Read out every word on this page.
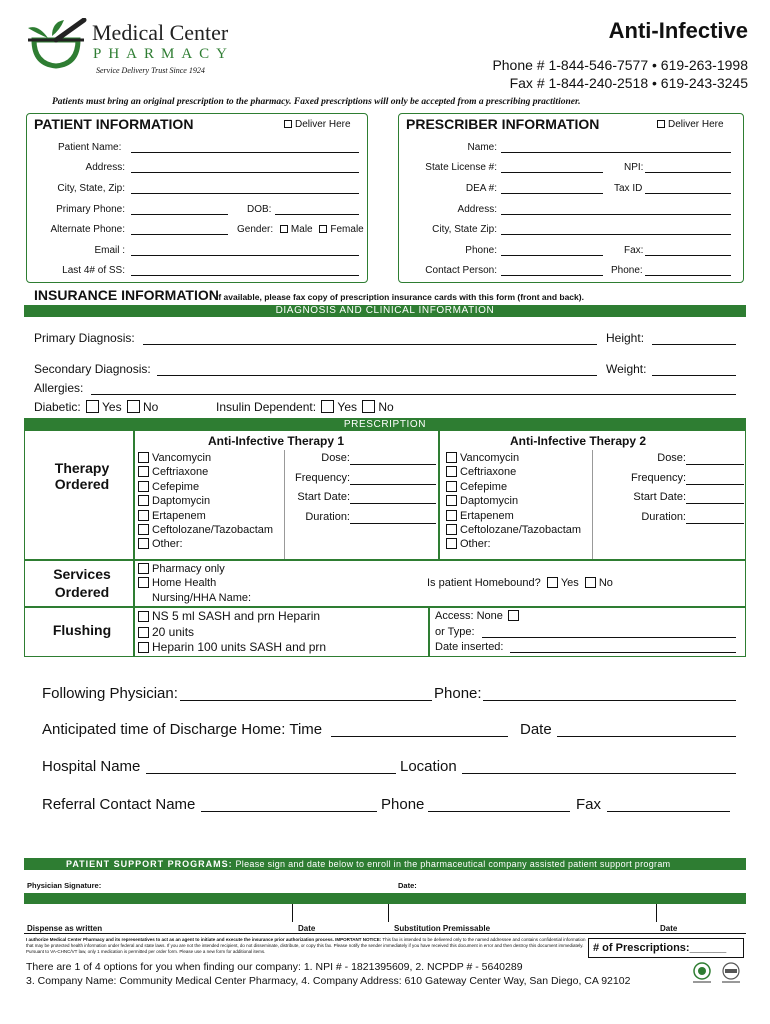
Medical Center
PHARMACY
Service Delivery Trust Since 1924
Anti-Infective
Phone # 1-844-546-7577 • 619-263-1998
Fax # 1-844-240-2518 • 619-243-3245
Patients must bring an original prescription to the pharmacy. Faxed prescriptions will only be accepted from a prescribing practitioner.
PATIENT INFORMATION	Deliver Here
Patient Name:
Address:
City, State, Zip:
Primary Phone:	DOB:
Alternate Phone:	Gender: Male Female
Email :
Last 4# of SS:
PRESCRIBER INFORMATION	Deliver Here
Name:
State License #:	NPI:
DEA #:	Tax ID
Address:
City, State Zip:
Phone:	Fax:
Contact Person:	Phone:
INSURANCE INFORMATION
If available, please fax copy of prescription insurance cards with this form (front and back).
DIAGNOSIS AND CLINICAL INFORMATION
Primary Diagnosis:	Height:
Secondary Diagnosis:	Weight:
Allergies:
Diabetic: Yes No	Insulin Dependent: Yes No
PRESCRIPTION
Therapy
Ordered
Anti-Infective Therapy 1	Anti-Infective Therapy 2
Vancomycin
Ceftriaxone
Cefepime
Daptomycin
Ertapenem
Ceftolozane/Tazobactam
Other:
Dose:
Frequency:
Start Date:
Duration:
Vancomycin
Ceftriaxone
Cefepime
Daptomycin
Ertapenem
Ceftolozane/Tazobactam
Other:
Dose:
Frequency:
Start Date:
Duration:
Services
Ordered
Pharmacy only
Home Health
Nursing/HHA Name:
Is patient Homebound? Yes No
Flushing
NS 5 ml SASH and prn Heparin
20 units
Heparin 100 units SASH and prn
Access: None
or Type:
Date inserted:
Following Physician:	Phone:
Anticipated time of Discharge Home: Time	Date
Hospital Name	Location
Referral Contact Name	Phone	Fax
PATIENT SUPPORT PROGRAMS: Please sign and date below to enroll in the pharmaceutical company assisted patient support program
Physician Signature:	Date:
Dispense as written	Date	Substitution Premissable	Date
I authorize Medical Center Pharmacy and its representatives to act as an agent to initiate and execute the insurance prior authorization process. IMPORTANT NOTICE: This fax is intended to be delivered only to the named addressee and contains confidential information that may be protected health information under federal and state laws. If you are not the intended recipient, do not disseminate, distribute, or copy this fax. Please notify the sender immediately if you have received this document in error and then destroy this document immediately. Pursuant to VA-CHNC/VT law, only 1 medication is permitted per order form. Please use a new form for additional items.	# of Prescriptions:______
There are 1 of 4 options for you when finding our company: 1. NPI # - 1821395609, 2. NCPDP # - 5640289
3. Company Name: Community Medical Center Pharmacy, 4. Company Address: 610 Gateway Center Way, San Diego, CA 92102
